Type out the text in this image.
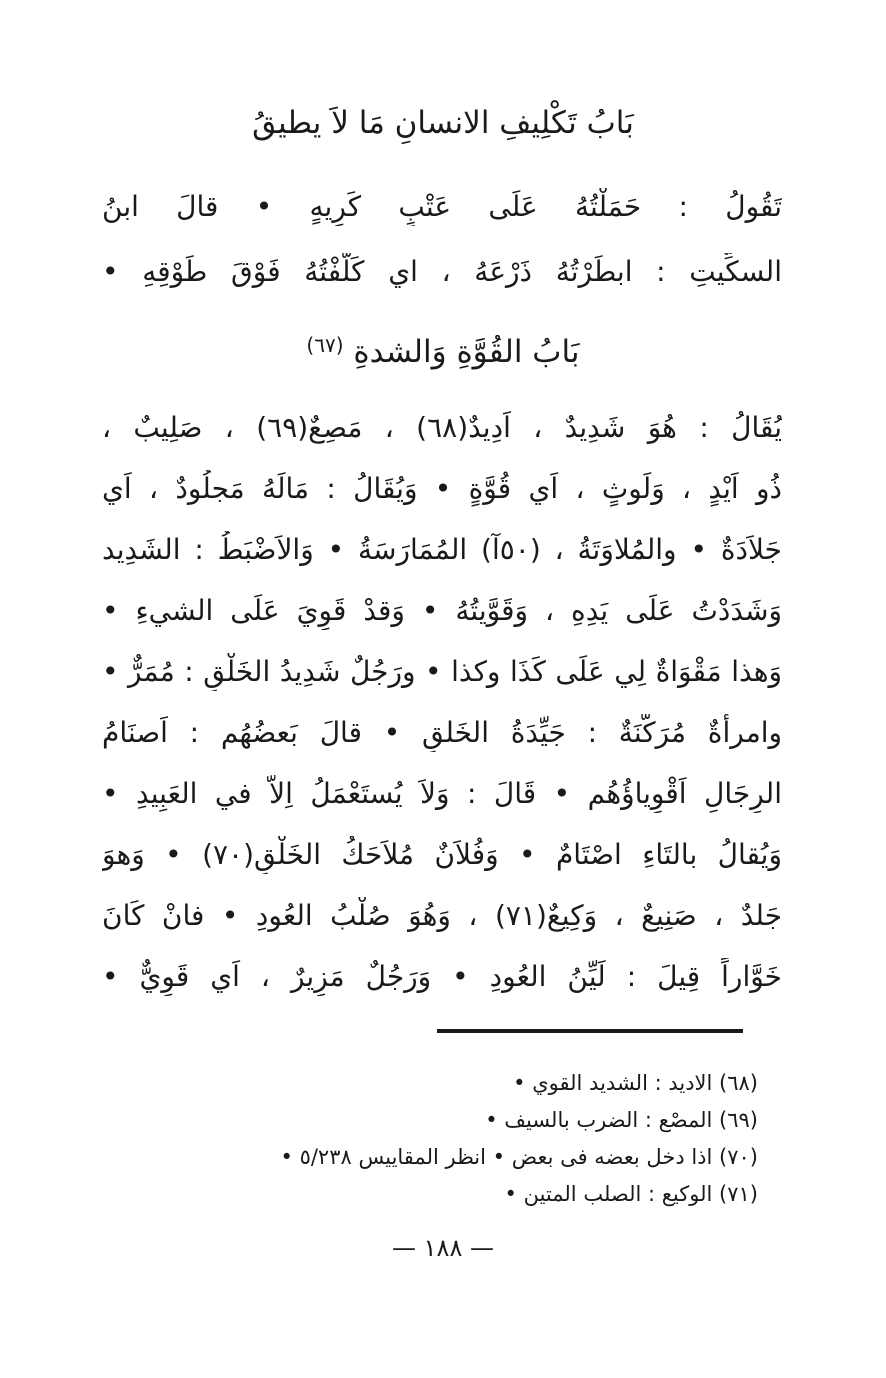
بَابُ تَكْلِيفِ الانسانِ مَا لاَ يطيقُ
تَقُولُ : حَمَلْتُهُ عَلَى عَتْبٍ كَرِيهٍ • قالَ ابنُ
السكِّيتِ : ابطَرْتُهُ ذَرْعَهُ ، اي كَلَّفْتُهُ فَوْقَ طَوْقِهِ •
بَابُ القُوَّةِ وَالشدةِ $^{(٦٧)}$
يُقَالُ : هُوَ شَدِيدٌ ، اَدِيدٌ(٦٨) ، مَصِعٌ(٦٩) ، صَلِيبٌ ،
ذُو اَيْدٍ ، وَلَوثٍ ، اَي قُوَّةٍ • وَيُقَالُ : مَالَهُ مَجلُودٌ ، اَي
جَلاَدَةٌ • والمُلاوَتَةُ ، (٥٠آ) المُمَارَسَةُ • وَالاَضْبَطُ : الشَدِيد
وَشَدَدْتُ عَلَى يَدِهِ ، وَقَوَّيتُهُ • وَقدْ قَوِيَ عَلَى الشيءِ •
وَهذا مَقْوَاةٌ لِي عَلَى كَذَا وكذا • ورَجُلٌ شَدِيدُ الخَلْقِ : مُمَرٌّ •
وامرأةٌ مُرَكَّنَةٌ : جَيِّدَةُ الخَلقِ • قالَ بَعضُهُم : اَصنَامُ
الرِجَالِ اَقْوِياؤُهُم • قَالَ : وَلاَ يُستَعْمَلُ اِلاَّ في العَبِيدِ •
وَيُقالُ بالتَاءِ اصْتَامٌ • وَفُلاَنٌ مُلاَحَكُ الخَلْقِ(٧٠) • وَهوَ
جَلدٌ ، صَنِيعٌ ، وَكِيعٌ(٧١) ، وَهُوَ صُلْبُ العُودِ • فانْ كَانَ
خَوَّاراً قِيلَ : لَيِّنُ العُودِ • وَرَجُلٌ مَزِيرٌ ، اَي قَوِيٌّ •
(٦٨) الاديد : الشديد القوي •
(٦٩) المصْع : الضرب بالسيف •
(٧٠) اذا دخل بعضه فى بعض • انظر المقاييس ٥/٢٣٨ •
(٧١) الوكيع : الصلب المتين •
— ١٨٨ —
